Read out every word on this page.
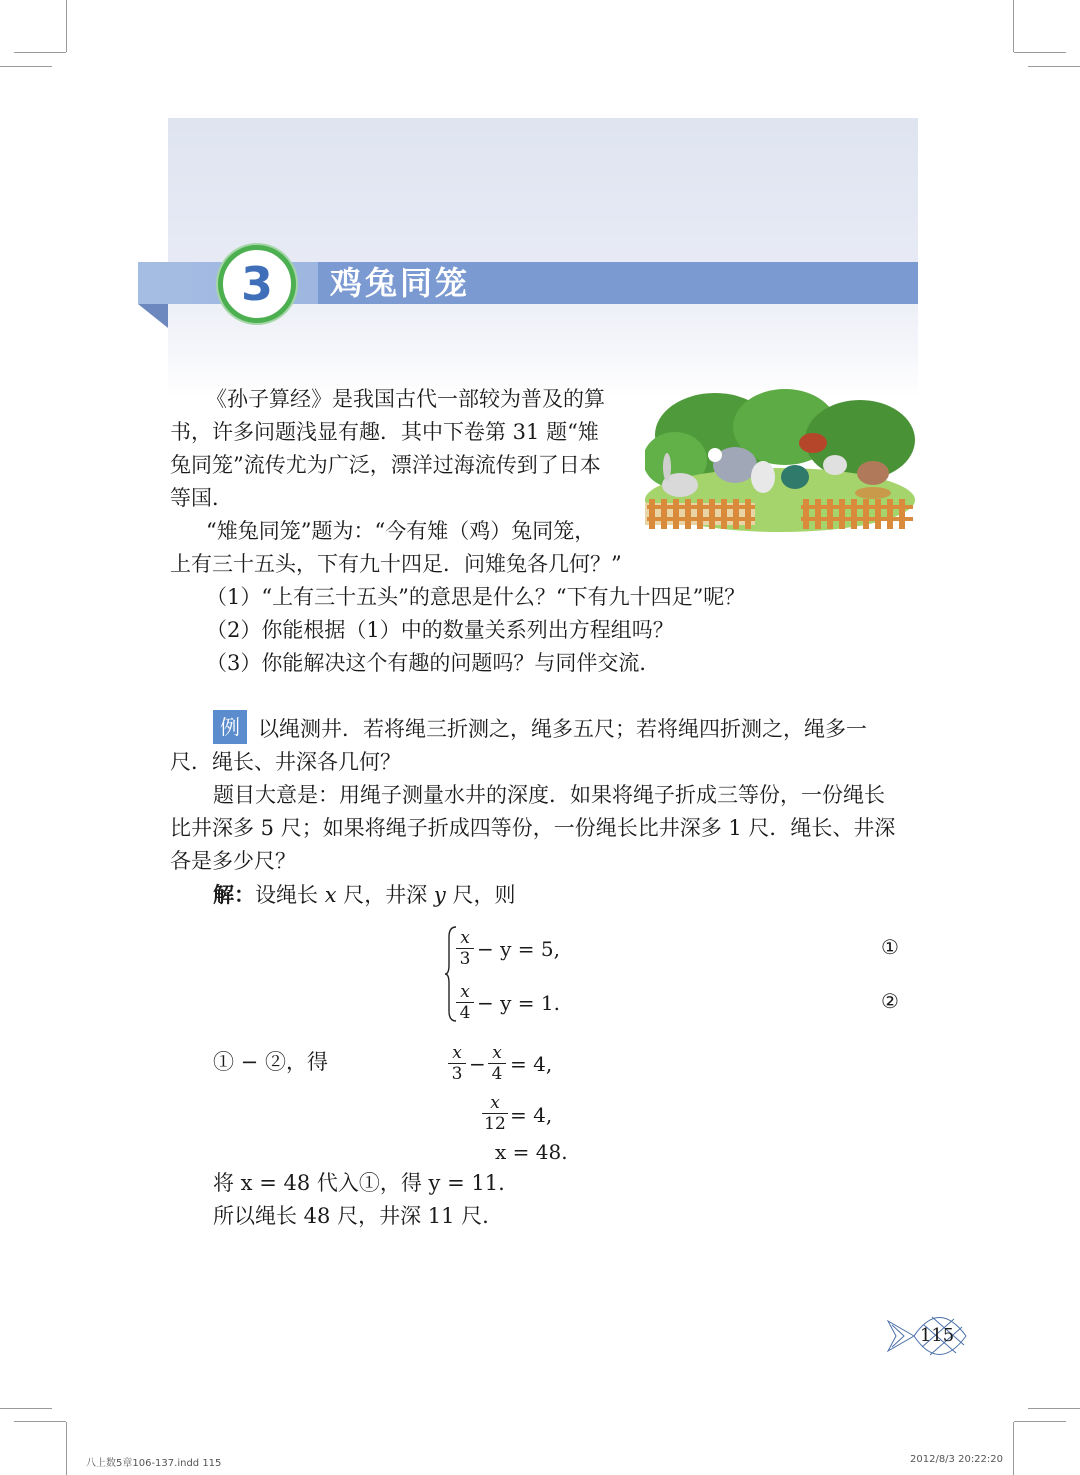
3	鸡兔同笼
《孙子算经》是我国古代一部较为普及的算
书，许多问题浅显有趣．其中下卷第 31 题“雉
兔同笼”流传尤为广泛，漂洋过海流传到了日本
等国．
“雉兔同笼”题为：“今有雉（鸡）兔同笼，
上有三十五头，下有九十四足．问雉兔各几何？”
（1）“上有三十五头”的意思是什么？“下有九十四足”呢？
（2）你能根据（1）中的数量关系列出方程组吗？
（3）你能解决这个有趣的问题吗？与同伴交流．
例 以绳测井．若将绳三折测之，绳多五尺；若将绳四折测之，绳多一
尺．绳长、井深各几何？
题目大意是：用绳子测量水井的深度．如果将绳子折成三等份，一份绳长
比井深多 5 尺；如果将绳子折成四等份，一份绳长比井深多 1 尺．绳长、井深
各是多少尺？
解：设绳长 x 尺，井深 y 尺，则
x
3 − y = 5,	①
x
4 − y = 1.	②
① − ②，得	x
3 − x
4 = 4,
x
12 = 4,
x = 48.
将 x = 48 代入①，得 y = 11.
所以绳长 48 尺，井深 11 尺.
115
八上数5章106-137.indd 115	2012/8/3 20:22:20
